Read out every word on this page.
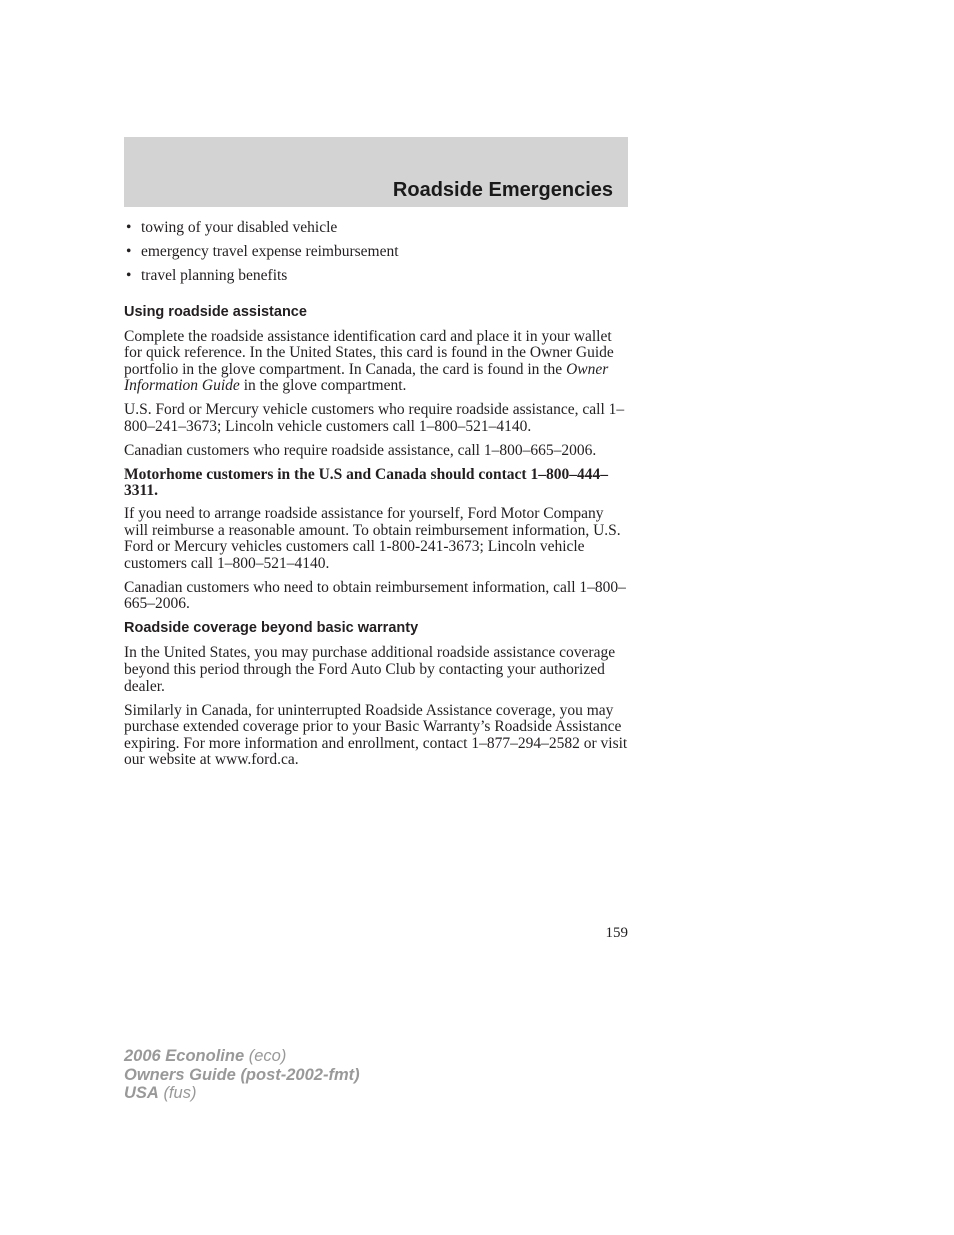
Roadside Emergencies
• towing of your disabled vehicle
• emergency travel expense reimbursement
• travel planning benefits
Using roadside assistance

Complete the roadside assistance identification card and place it in your wallet for quick reference. In the United States, this card is found in the Owner Guide portfolio in the glove compartment. In Canada, the card is found in the Owner Information Guide in the glove compartment.

U.S. Ford or Mercury vehicle customers who require roadside assistance, call 1–800–241–3673; Lincoln vehicle customers call 1–800–521–4140.

Canadian customers who require roadside assistance, call 1–800–665–2006.

Motorhome customers in the U.S and Canada should contact 1–800–444–3311.

If you need to arrange roadside assistance for yourself, Ford Motor Company will reimburse a reasonable amount. To obtain reimbursement information, U.S. Ford or Mercury vehicles customers call 1-800-241-3673; Lincoln vehicle customers call 1–800–521–4140.

Canadian customers who need to obtain reimbursement information, call 1–800–665–2006.

Roadside coverage beyond basic warranty

In the United States, you may purchase additional roadside assistance coverage beyond this period through the Ford Auto Club by contacting your authorized dealer.

Similarly in Canada, for uninterrupted Roadside Assistance coverage, you may purchase extended coverage prior to your Basic Warranty’s Roadside Assistance expiring. For more information and enrollment, contact 1–877–294–2582 or visit our website at www.ford.ca.

159
2006 Econoline (eco)
Owners Guide (post-2002-fmt)
USA (fus)
